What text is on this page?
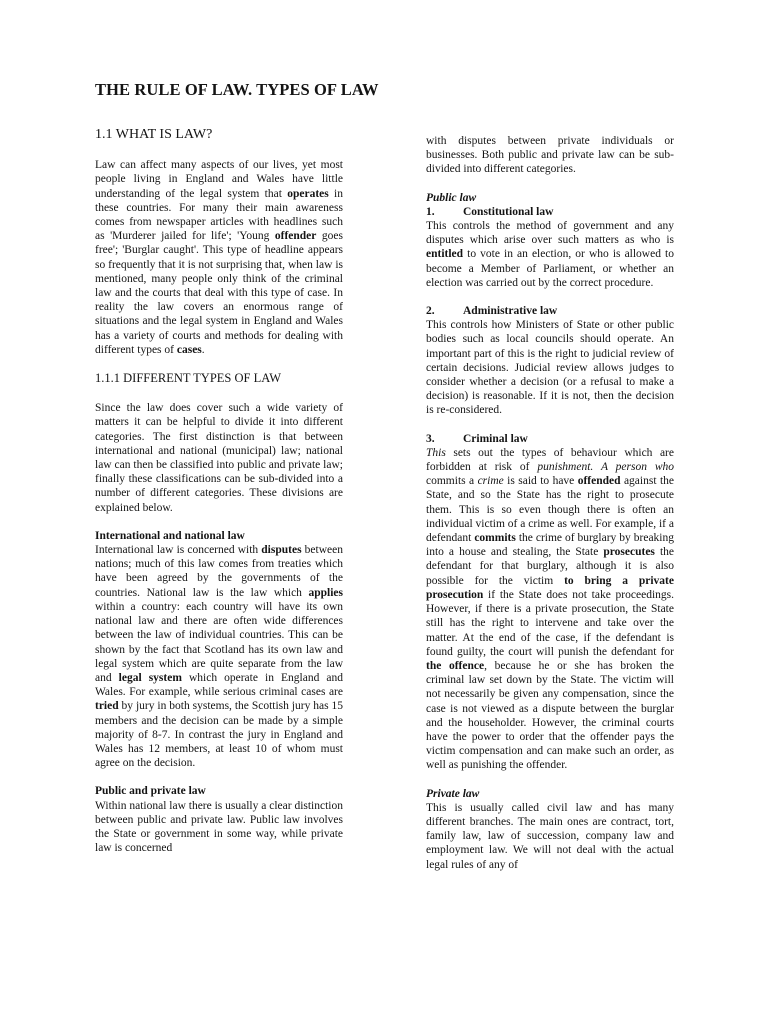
THE RULE OF LAW. TYPES OF LAW
1.1 WHAT IS LAW?

Law can affect many aspects of our lives, yet most people living in England and Wales have little understanding of the legal system that operates in these countries. For many their main awareness comes from newspaper articles with headlines such as 'Murderer jailed for life'; 'Young offender goes free'; 'Burglar caught'. This type of headline appears so frequently that it is not surprising that, when law is mentioned, many people only think of the criminal law and the courts that deal with this type of case. In reality the law covers an enormous range of situations and the legal system in England and Wales has a variety of courts and methods for dealing with different types of cases.

1.1.1 DIFFERENT TYPES OF LAW

Since the law does cover such a wide variety of matters it can be helpful to divide it into different categories. The first distinction is that between international and national (municipal) law; national law can then be classified into public and private law; finally these classifications can be sub-divided into a number of different categories. These divisions are explained below.

International and national law

International law is concerned with disputes between nations; much of this law comes from treaties which have been agreed by the governments of the countries. National law is the law which applies within a country: each country will have its own national law and there are often wide differences between the law of individual countries. This can be shown by the fact that Scotland has its own law and legal system which are quite separate from the law and legal system which operate in England and Wales. For example, while serious criminal cases are tried by jury in both systems, the Scottish jury has 15 members and the decision can be made by a simple majority of 8-7. In contrast the jury in England and Wales has 12 members, at least 10 of whom must agree on the decision.

Public and private law

Within national law there is usually a clear distinction between public and private law. Public law involves the State or government in some way, while private law is concerned

with disputes between private individuals or businesses. Both public and private law can be sub-divided into different categories.

Public law

1.	Constitutional law

This controls the method of government and any disputes which arise over such matters as who is entitled to vote in an election, or who is allowed to become a Member of Parliament, or whether an election was carried out by the correct procedure.

2.	Administrative law

This controls how Ministers of State or other public bodies such as local councils should operate. An important part of this is the right to judicial review of certain decisions. Judicial review allows judges to consider whether a decision (or a refusal to make a decision) is reasonable. If it is not, then the decision is re-considered.

3.	Criminal law

This sets out the types of behaviour which are forbidden at risk of punishment. A person who commits a crime is said to have offended against the State, and so the State has the right to prosecute them. This is so even though there is often an individual victim of a crime as well. For example, if a defendant commits the crime of burglary by breaking into a house and stealing, the State prosecutes the defendant for that burglary, although it is also possible for the victim to bring a private prosecution if the State does not take proceedings. However, if there is a private prosecution, the State still has the right to intervene and take over the matter. At the end of the case, if the defendant is found guilty, the court will punish the defendant for the offence, because he or she has broken the criminal law set down by the State. The victim will not necessarily be given any compensation, since the case is not viewed as a dispute between the burglar and the householder. However, the criminal courts have the power to order that the offender pays the victim compensation and can make such an order, as well as punishing the offender.

Private law

This is usually called civil law and has many different branches. The main ones are contract, tort, family law, law of succession, company law and employment law. We will not deal with the actual legal rules of any of
